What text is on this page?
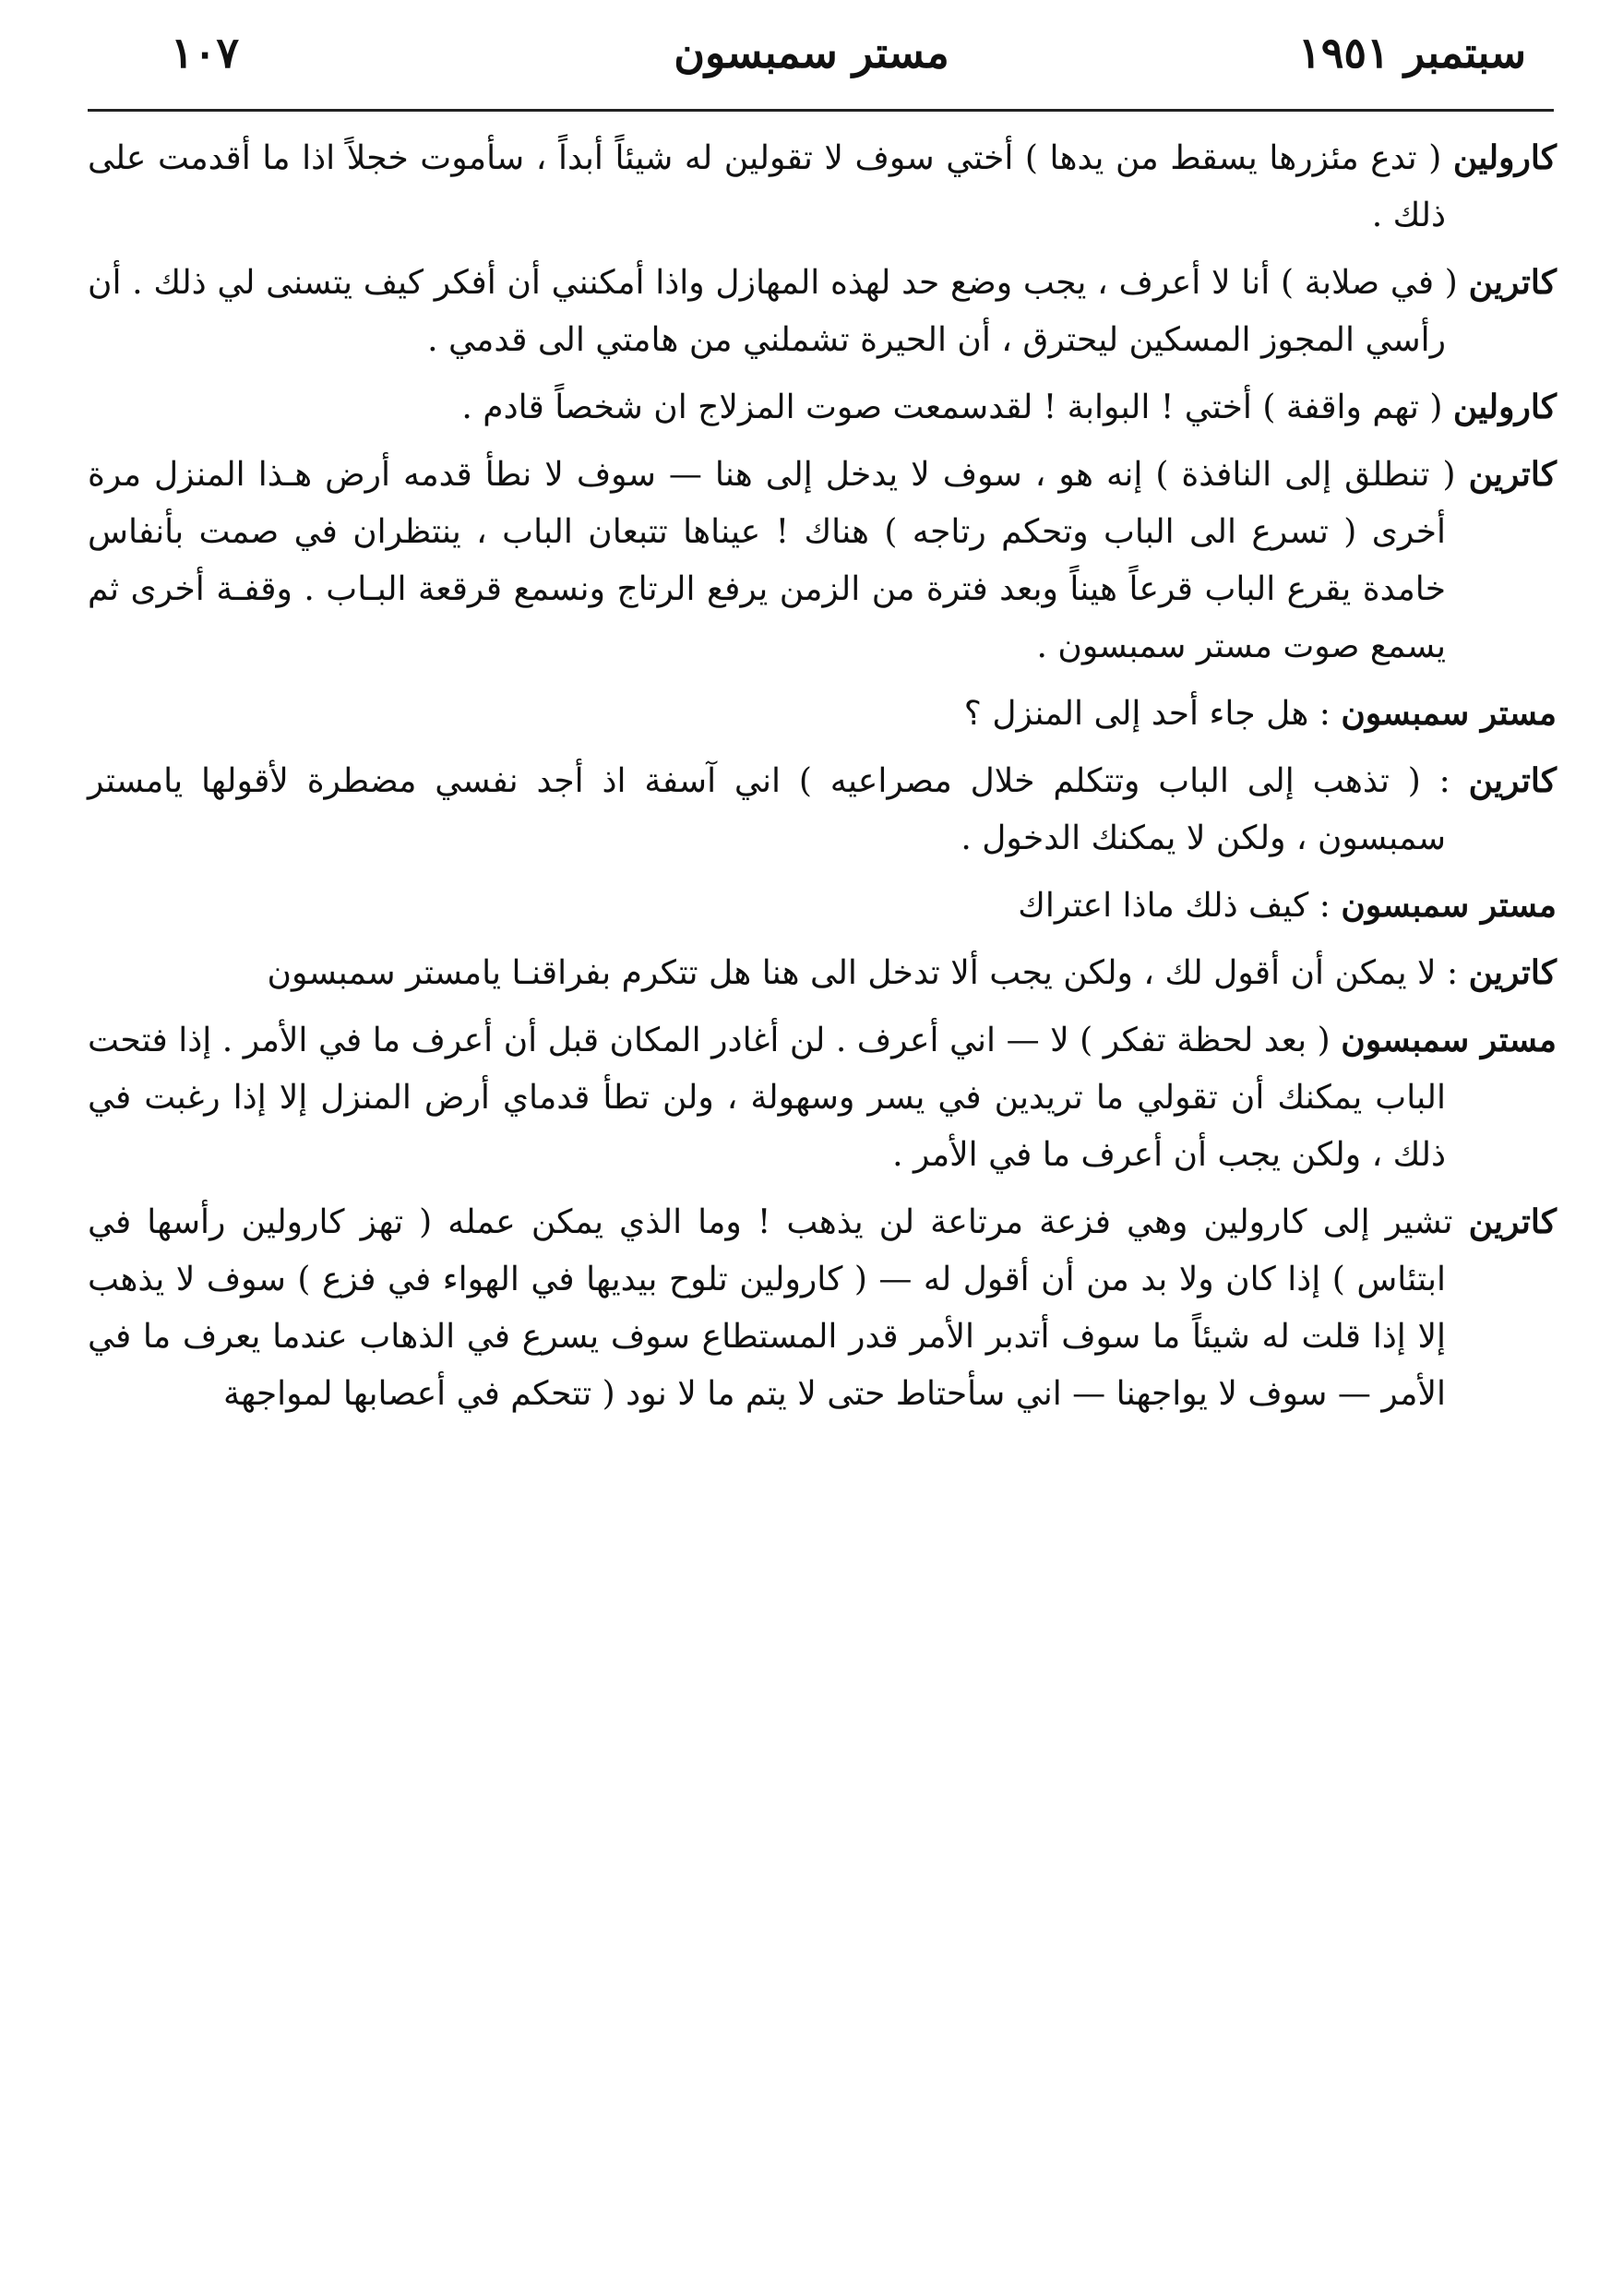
سبتمبر ١٩٥١
مستر سمبسون
١٠٧

كارولين ( تدع مئزرها يسقط من يدها ) أختي سوف لا تقولين له شيئاً أبداً ، سأموت خجلاً اذا ما أقدمت على ذلك .

كاترين ( في صلابة ) أنا لا أعرف ، يجب وضع حد لهذه المهازل واذا أمكنني أن أفكر كيف يتسنى لي ذلك . أن رأسي المجوز المسكين ليحترق ، أن الحيرة تشملني من هامتي الى قدمي .

كارولين ( تهم واقفة ) أختي ! البوابة ! لقدسمعت صوت المزلاج ان شخصاً قادم .

كاترين ( تنطلق إلى النافذة ) إنه هو ، سوف لا يدخل إلى هنا — سوف لا نطأ قدمه أرض هـذا المنزل مرة أخرى ( تسرع الى الباب وتحكم رتاجه ) هناك ! عيناها تتبعان الباب ، ينتظران في صمت بأنفاس خامدة يقرع الباب قرعاً هيناً وبعد فترة من الزمن يرفع الرتاج ونسمع قرقعة البـاب . وقفـة أخرى ثم يسمع صوت مستر سمبسون .

مستر سمبسون : هل جاء أحد إلى المنزل ؟

كاترين : ( تذهب إلى الباب وتتكلم خلال مصراعيه ) اني آسفة اذ أجد نفسي مضطرة لأقولها يامستر سمبسون ، ولكن لا يمكنك الدخول .

مستر سمبسون : كيف ذلك ماذا اعتراك

كاترين : لا يمكن أن أقول لك ، ولكن يجب ألا تدخل الى هنا هل تتكرم بفراقنـا يامستر سمبسون

مستر سمبسون ( بعد لحظة تفكر ) لا — اني أعرف . لن أغادر المكان قبل أن أعرف ما في الأمر . إذا فتحت الباب يمكنك أن تقولي ما تريدين في يسر وسهولة ، ولن تطأ قدماي أرض المنزل إلا إذا رغبت في ذلك ، ولكن يجب أن أعرف ما في الأمر .

كاترين تشير إلى كارولين وهي فزعة مرتاعة لن يذهب ! وما الذي يمكن عمله ( تهز كارولين رأسها في ابتئاس ) إذا كان ولا بد من أن أقول له — ( كارولين تلوح بيديها في الهواء في فزع ) سوف لا يذهب إلا إذا قلت له شيئاً ما سوف أتدبر الأمر قدر المستطاع سوف يسرع في الذهاب عندما يعرف ما في الأمر — سوف لا يواجهنا — اني سأحتاط حتى لا يتم ما لا نود ( تتحكم في أعصابها لمواجهة
